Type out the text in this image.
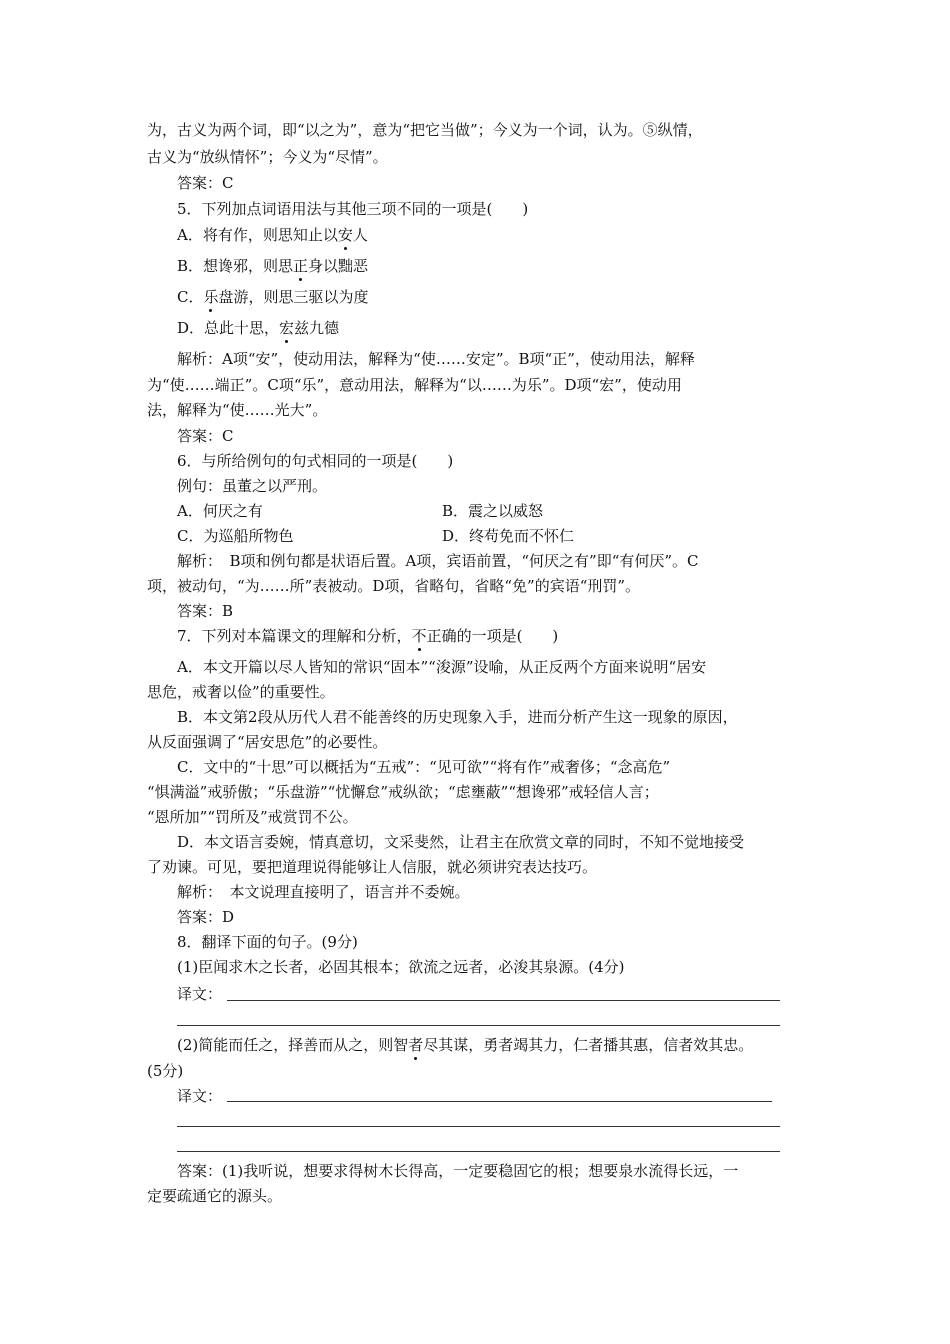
为，古义为两个词，即“以之为”，意为“把它当做”；今义为一个词，认为。⑤纵情，
古义为“放纵情怀”；今义为“尽情”。
答案：C
5．下列加点词语用法与其他三项不同的一项是(　　)
A．将有作，则思知止以安人
B．想谗邪，则思正身以黜恶
C．乐盘游，则思三驱以为度
D．总此十思，宏兹九德
解析：A项“安”，使动用法，解释为“使……安定”。B项“正”，使动用法，解释
为“使……端正”。C项“乐”，意动用法，解释为“以……为乐”。D项“宏”，使动用
法，解释为“使……光大”。
答案：C
6．与所给例句的句式相同的一项是(　　)
例句：虽董之以严刑。
A．何厌之有	B．震之以威怒
C．为巡船所物色	D．终苟免而不怀仁
解析：　B项和例句都是状语后置。A项，宾语前置，“何厌之有”即“有何厌”。C
项，被动句，“为……所”表被动。D项，省略句，省略“免”的宾语“刑罚”。
答案：B
7．下列对本篇课文的理解和分析，不正确的一项是(　　)
A．本文开篇以尽人皆知的常识“固本”“浚源”设喻，从正反两个方面来说明“居安
思危，戒奢以俭”的重要性。
B．本文第2段从历代人君不能善终的历史现象入手，进而分析产生这一现象的原因，
从反面强调了“居安思危”的必要性。
C．文中的“十思”可以概括为“五戒”：“见可欲”“将有作”戒奢侈；“念高危”
“惧满溢”戒骄傲；“乐盘游”“忧懈怠”戒纵欲；“虑壅蔽”“想谗邪”戒轻信人言；
“恩所加”“罚所及”戒赏罚不公。
D．本文语言委婉，情真意切，文采斐然，让君主在欣赏文章的同时，不知不觉地接受
了劝谏。可见，要把道理说得能够让人信服，就必须讲究表达技巧。
解析：　本文说理直接明了，语言并不委婉。
答案：D
8．翻译下面的句子。(9分)
(1)臣闻求木之长者，必固其根本；欲流之远者，必浚其泉源。(4分)
译文：
(2)简能而任之，择善而从之，则智者尽其谋，勇者竭其力，仁者播其惠，信者效其忠。
(5分)
译文：
答案：(1)我听说，想要求得树木长得高，一定要稳固它的根；想要泉水流得长远，一
定要疏通它的源头。
